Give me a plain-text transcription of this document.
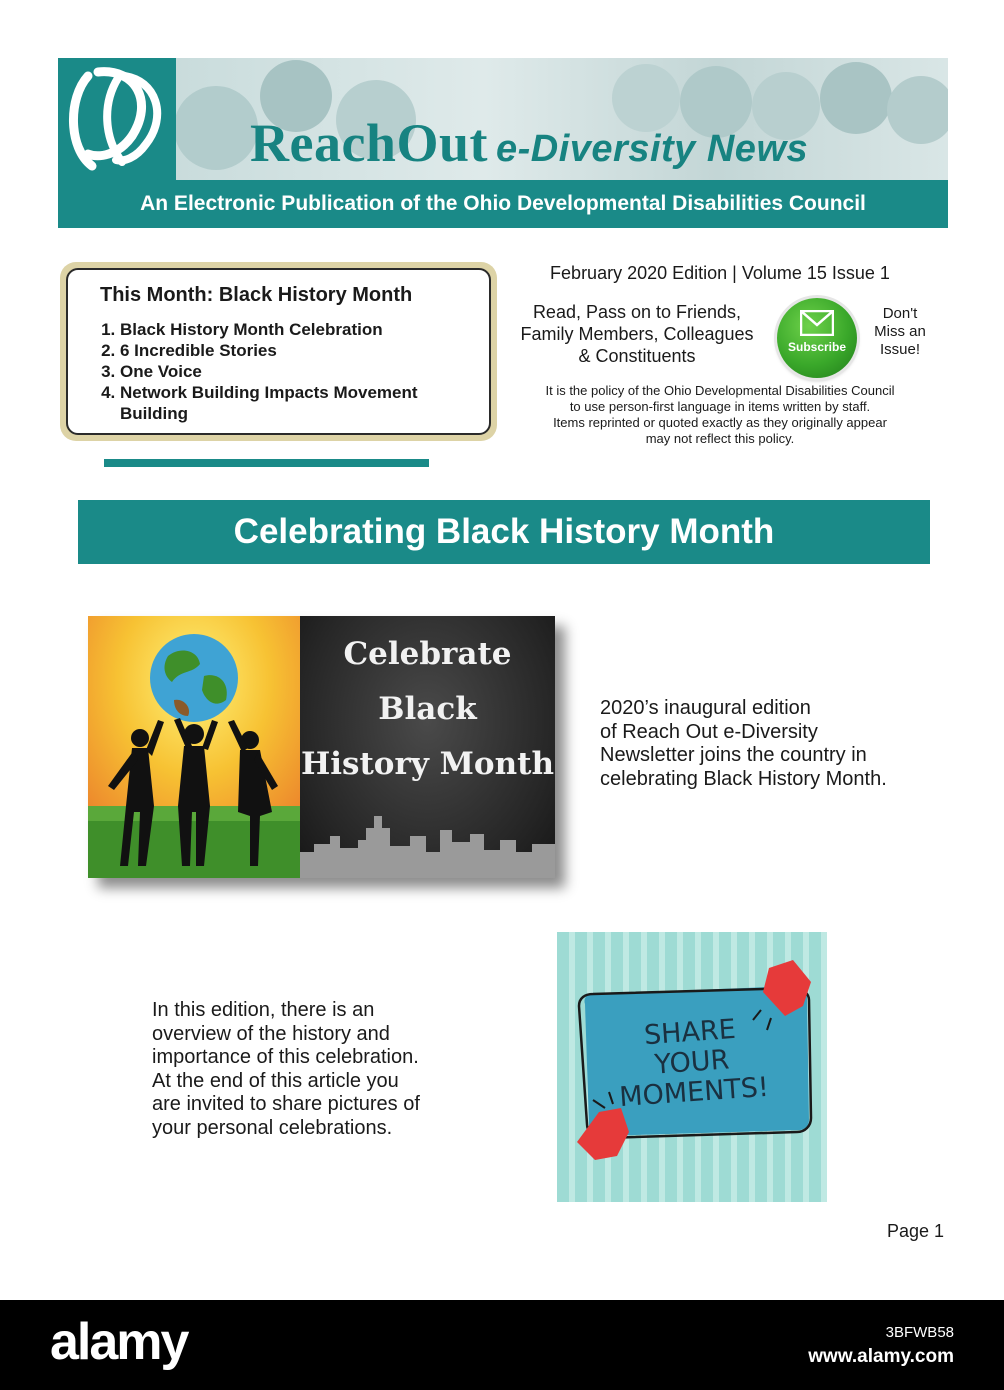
ReachOut e-Diversity News
An Electronic Publication of the Ohio Developmental Disabilities Council
This Month: Black History Month
1. Black History Month Celebration
2. 6 Incredible Stories
3. One Voice
4. Network Building Impacts Movement Building
February 2020 Edition | Volume 15 Issue 1
Read, Pass on to Friends,
Family Members, Colleagues
& Constituents	Subscribe
Don't
Miss an
Issue!
It is the policy of the Ohio Developmental Disabilities Council
to use person-first language in items written by staff.
Items reprinted or quoted exactly as they originally appear
may not reflect this policy.
Celebrating Black History Month
Celebrate
Black
History Month
2020’s inaugural edition
of Reach Out e-Diversity
Newsletter joins the country in
celebrating Black History Month.
In this edition, there is an
overview of the history and
importance of this celebration.
At the end of this article you
are invited to share pictures of
your personal celebrations.
SHARE
YOUR
MOMENTS!
Page 1
alamy	3BFWB58
www.alamy.com
